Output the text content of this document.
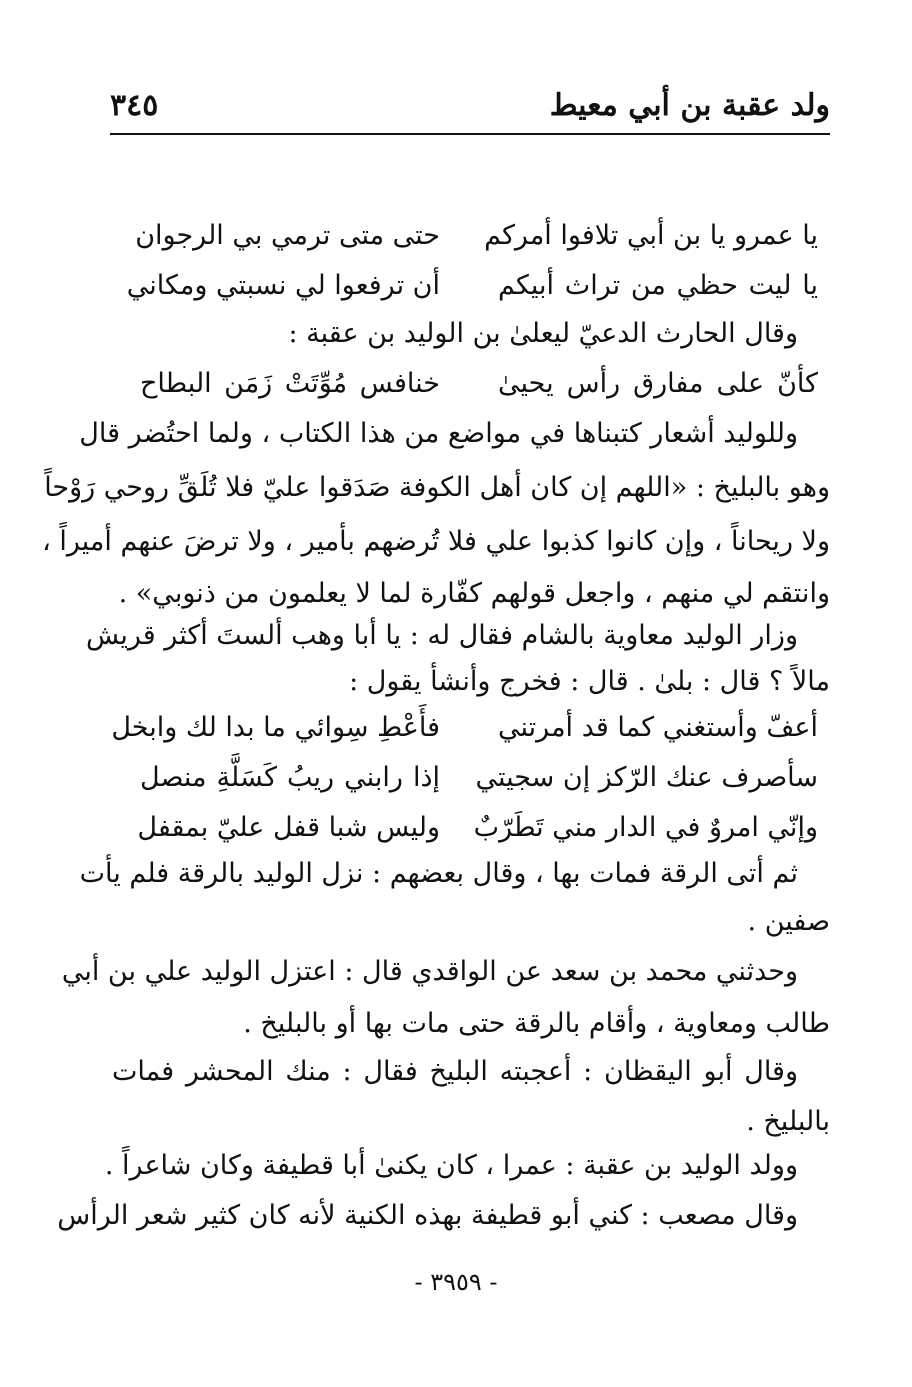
ولد عقبة بن أبي معيط
٣٤٥
يا عمرو يا بن أبي تلافوا أمركم
حتى متى ترمي بي الرجوان
يا ليت حظي من تراث أبيكم
أن ترفعوا لي نسبتي ومكاني
وقال الحارث الدعيّ ليعلىٰ بن الوليد بن عقبة :
كأنّ على مفارق رأس يحيىٰ
خنافس مُوِّتَتْ زَمَن البطاح
وللوليد أشعار كتبناها في مواضع من هذا الكتاب ، ولما احتُضر قال
وهو بالبليخ : «اللهم إن كان أهل الكوفة صَدَقوا عليّ فلا تُلَقِّ روحي رَوْحاً
ولا ريحاناً ، وإن كانوا كذبوا علي فلا تُرضهم بأمير ، ولا ترضَ عنهم أميراً ،
وانتقم لي منهم ، واجعل قولهم كفّارة لما لا يعلمون من ذنوبي» .
وزار الوليد معاوية بالشام فقال له : يا أبا وهب ألستَ أكثر قريش
مالاً ؟ قال : بلىٰ . قال : فخرج وأنشأ يقول :
أعفّ وأستغني كما قد أمرتني
فأَعْطِ سِوائي ما بدا لك وابخل
سأصرف عنك الرّكز إن سجيتي
إذا رابني ريبُ كَسَلَّةِ منصل
وإنّي امروٌ في الدار مني تَطَرّبٌ
وليس شبا قفل عليّ بمقفل
ثم أتى الرقة فمات بها ، وقال بعضهم : نزل الوليد بالرقة فلم يأت
صفين .
وحدثني محمد بن سعد عن الواقدي قال : اعتزل الوليد علي بن أبي
طالب ومعاوية ، وأقام بالرقة حتى مات بها أو بالبليخ .
وقال أبو اليقظان : أعجبته البليخ فقال : منك المحشر فمات
بالبليخ .
وولد الوليد بن عقبة : عمرا ، كان يكنىٰ أبا قطيفة وكان شاعراً .
وقال مصعب : كني أبو قطيفة بهذه الكنية لأنه كان كثير شعر الرأس
- ٣٩٥٩ -
